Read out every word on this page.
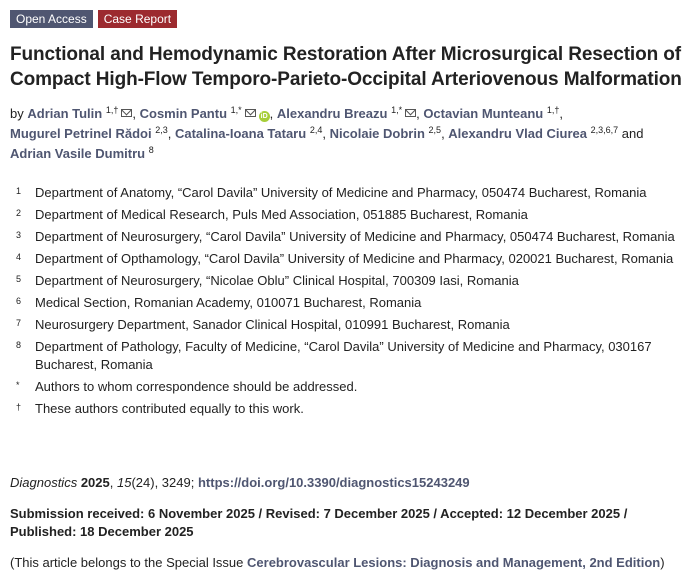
Open Access	Case Report
Functional and Hemodynamic Restoration After Microsurgical Resection of Compact High-Flow Temporo-Parieto-Occipital Arteriovenous Malformation
by Adrian Tulin $^{1,\dagger}$ , Cosmin Pantu $^{1,*}$iD , Alexandru Breazu $^{1,*}$ , Octavian Munteanu $^{1,\dagger}$,
Mugurel Petrinel Rădoi $^{2,3}$, Catalina-Ioana Tataru $^{2,4}$, Nicolaie Dobrin $^{2,5}$, Alexandru Vlad Ciurea $^{2,3,6,7}$ and
Adrian Vasile Dumitru $^8$
1	Department of Anatomy, “Carol Davila” University of Medicine and Pharmacy, 050474 Bucharest, Romania
2	Department of Medical Research, Puls Med Association, 051885 Bucharest, Romania
3	Department of Neurosurgery, “Carol Davila” University of Medicine and Pharmacy, 050474 Bucharest, Romania
4	Department of Opthamology, “Carol Davila” University of Medicine and Pharmacy, 020021 Bucharest, Romania
5	Department of Neurosurgery, “Nicolae Oblu” Clinical Hospital, 700309 Iasi, Romania
6	Medical Section, Romanian Academy, 010071 Bucharest, Romania
7	Neurosurgery Department, Sanador Clinical Hospital, 010991 Bucharest, Romania
8	Department of Pathology, Faculty of Medicine, “Carol Davila” University of Medicine and Pharmacy, 030167 Bucharest, Romania
*	Authors to whom correspondence should be addressed.
†	These authors contributed equally to this work.
Diagnostics 2025, 15(24), 3249; https://doi.org/10.3390/diagnostics15243249
Submission received: 6 November 2025 / Revised: 7 December 2025 / Accepted: 12 December 2025 / Published: 18 December 2025
(This article belongs to the Special Issue Cerebrovascular Lesions: Diagnosis and Management, 2nd Edition)
